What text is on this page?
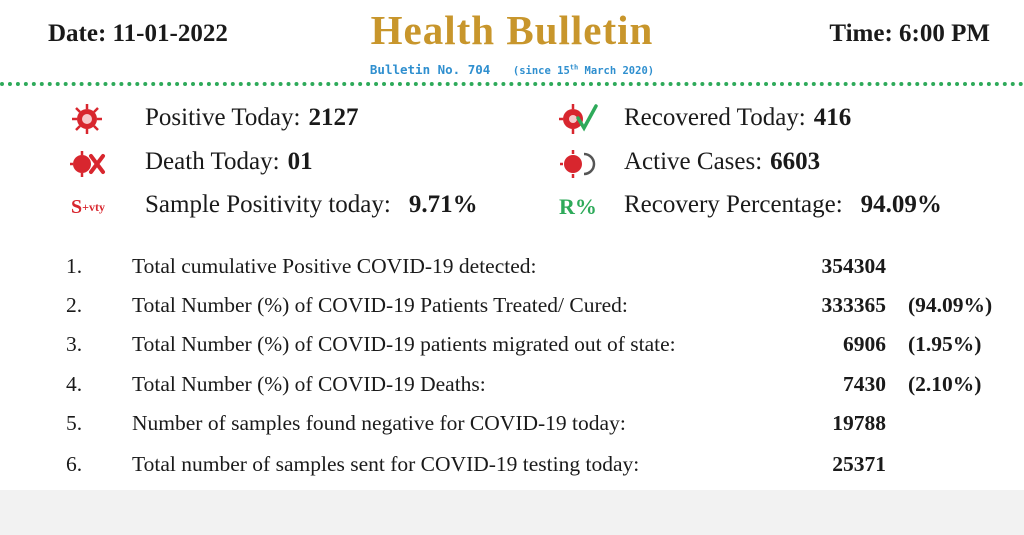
Date: 11-01-2022	Health Bulletin	Time: 6:00 PM
Bulletin No. 704 (since 15th March 2020)
Positive Today: 2127
Death Today: 01
S +vty Sample Positivity today: 9.71%
Recovered Today: 416
Active Cases: 6603
R% Recovery Percentage: 94.09%
1. Total cumulative Positive COVID-19 detected:	354304
2. Total Number (%) of COVID-19 Patients Treated/ Cured:	333365 (94.09%)
3. Total Number (%) of COVID-19 patients migrated out of state:	6906 (1.95%)
4. Total Number (%) of COVID-19 Deaths:	7430 (2.10%)
5. Number of samples found negative for COVID-19 today:	19788
6. Total number of samples sent for COVID-19 testing today:	25371
